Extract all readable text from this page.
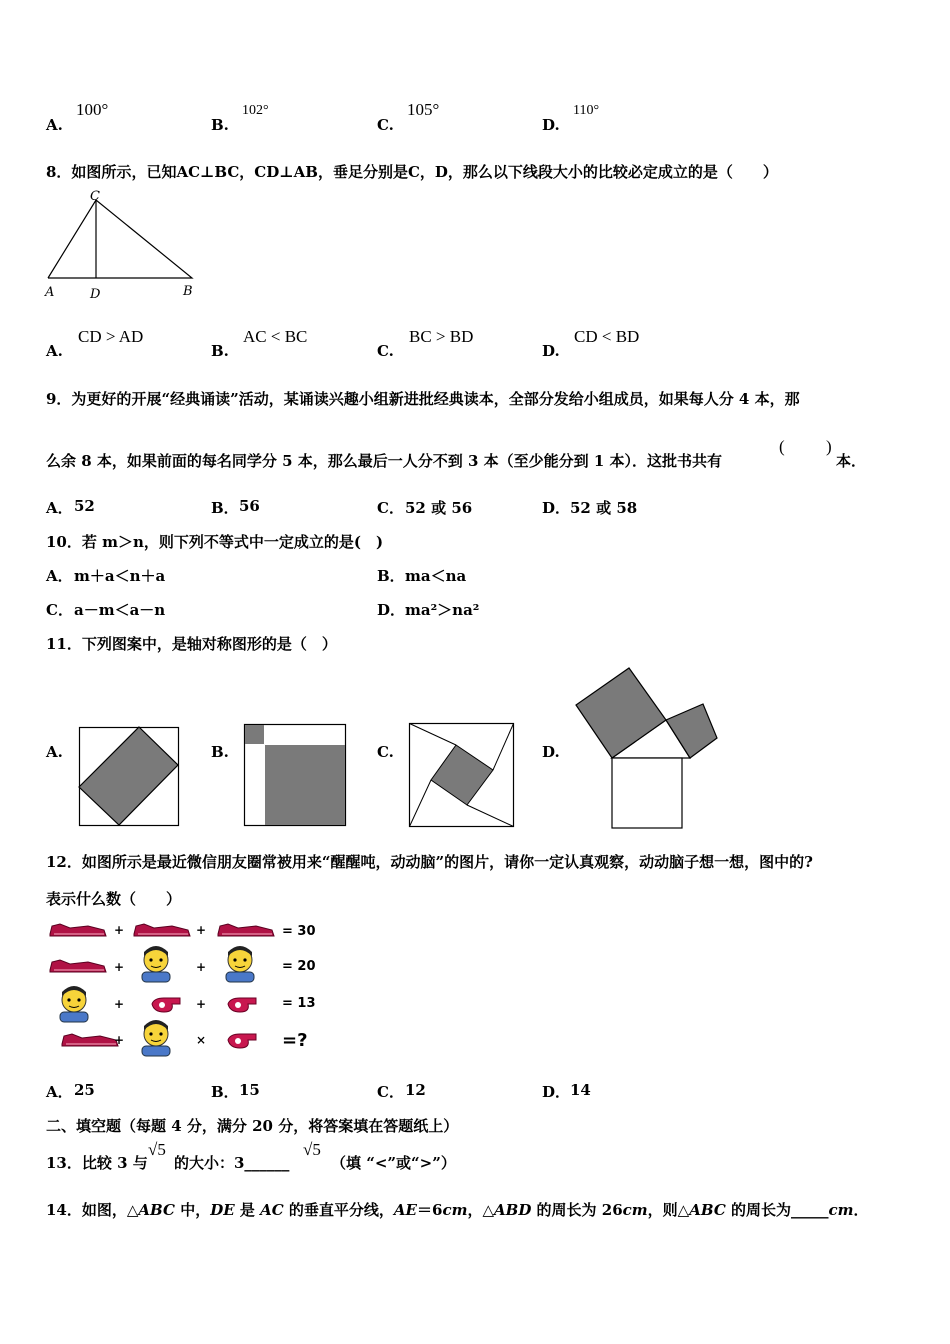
A.
100°
B.
102°
C.
105°
D.
110°
8．如图所示，已知AC⊥BC，CD⊥AB，垂足分别是C，D，那么以下线段大小的比较必定成立的是（　　）
C
A	D	B
A.
CD > AD
B.
AC < BC
C.
BC > BD
D.
CD < BD
9．为更好的开展“经典诵读”活动，某诵读兴趣小组新进批经典读本，全部分发给小组成员，如果每人分 4 本，那
么余 8 本，如果前面的每名同学分 5 本，那么最后一人分不到 3 本（至少能分到 1 本）．这批书共有
( )
本．
A． 52	B． 56	C． 52 或 56	D． 52 或 58
10．若 m＞n，则下列不等式中一定成立的是(　)
A． m＋a＜n＋a	B． ma＜na
C． a－m＜a－n	D． ma²＞na²
11．下列图案中，是轴对称图形的是（　）
A.	B.	C.	D.
12．如图所示是最近微信朋友圈常被用来“醒醒吨，动动脑”的图片，请你一定认真观察，动动脑子想一想，图中的?
表示什么数（　　）
+	+	= 30
+	+	= 20
+	+	= 13
+	×	=?
A． 25	B． 15	C． 12	D． 14
二、填空题（每题 4 分，满分 20 分，将答案填在答题纸上）
13．比较 3 与
√5
的大小：3______
√5
（填 “<”或“>”）
14．如图，△ABC 中，DE 是 AC 的垂直平分线，AE＝6cm，△ABD 的周长为 26cm，则△ABC 的周长为_____cm．
